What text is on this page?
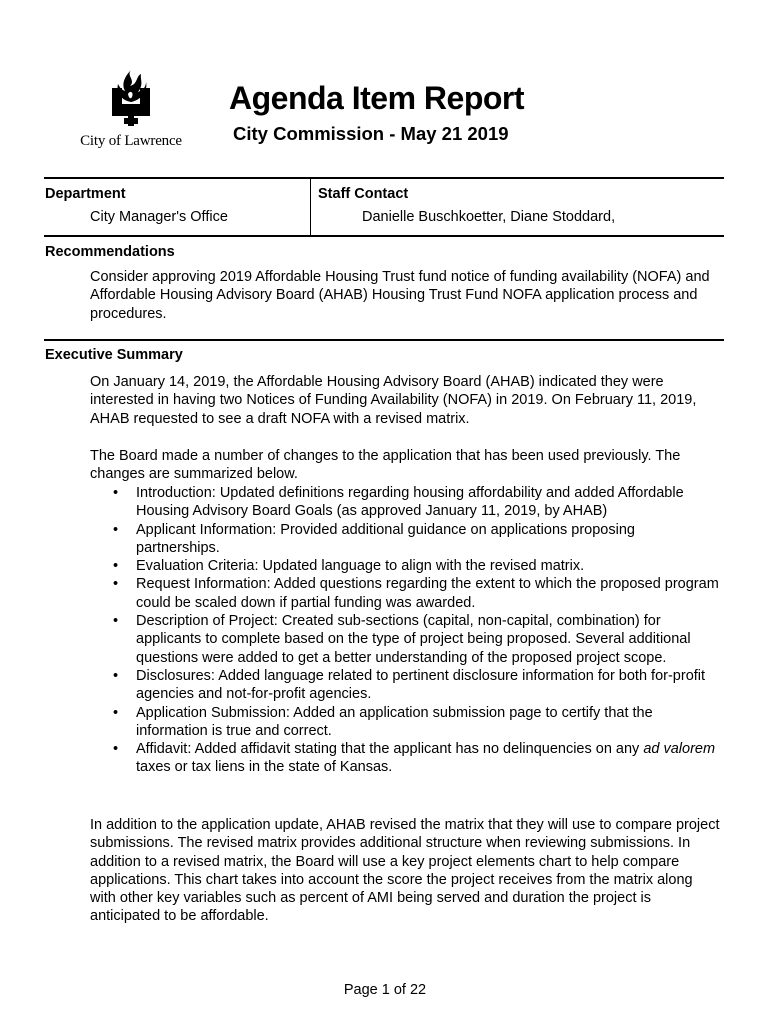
City of Lawrence
Agenda Item Report
City Commission - May 21 2019
Department
City Manager's Office
Staff Contact
Danielle Buschkoetter, Diane Stoddard,
Recommendations

Consider approving 2019 Affordable Housing Trust fund notice of funding availability (NOFA) and Affordable Housing Advisory Board (AHAB) Housing Trust Fund NOFA application process and procedures.

Executive Summary

On January 14, 2019, the Affordable Housing Advisory Board (AHAB) indicated they were interested in having two Notices of Funding Availability (NOFA) in 2019. On February 11, 2019, AHAB requested to see a draft NOFA with a revised matrix.

The Board made a number of changes to the application that has been used previously. The changes are summarized below.

• Introduction: Updated definitions regarding housing affordability and added Affordable Housing Advisory Board Goals (as approved January 11, 2019, by AHAB)
• Applicant Information: Provided additional guidance on applications proposing partnerships.
• Evaluation Criteria: Updated language to align with the revised matrix.
• Request Information: Added questions regarding the extent to which the proposed program could be scaled down if partial funding was awarded.
• Description of Project: Created sub-sections (capital, non-capital, combination) for applicants to complete based on the type of project being proposed. Several additional questions were added to get a better understanding of the proposed project scope.
• Disclosures: Added language related to pertinent disclosure information for both for-profit agencies and not-for-profit agencies.
• Application Submission: Added an application submission page to certify that the information is true and correct.
• Affidavit: Added affidavit stating that the applicant has no delinquencies on any ad valorem taxes or tax liens in the state of Kansas.

In addition to the application update, AHAB revised the matrix that they will use to compare project submissions. The revised matrix provides additional structure when reviewing submissions. In addition to a revised matrix, the Board will use a key project elements chart to help compare applications. This chart takes into account the score the project receives from the matrix along with other key variables such as percent of AMI being served and duration the project is anticipated to be affordable.

Page 1 of 22
